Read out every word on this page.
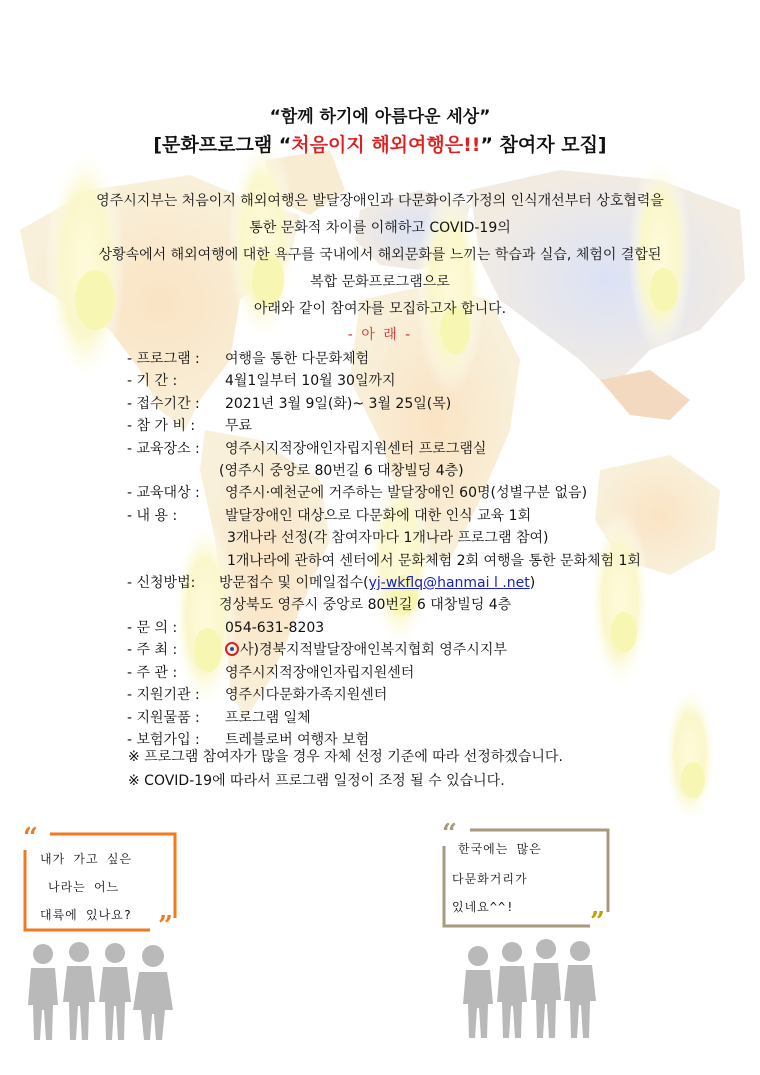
“함께 하기에 아름다운 세상”
[문화프로그램 “처음이지 해외여행은!!” 참여자 모집]
영주시지부는 처음이지 해외여행은 발달장애인과 다문화이주가정의 인식개선부터 상호협력을
통한 문화적 차이를 이해하고 COVID-19의
상황속에서 해외여행에 대한 욕구를 국내에서 해외문화를 느끼는 학습과 실습, 체험이 결합된
복합 문화프로그램으로
아래와 같이 참여자를 모집하고자 합니다.
- 아 래 -
- 프로그램 : 여행을 통한 다문화체험
- 기 간 :	4월1일부터 10월 30일까지
- 접수기간 : 2021년 3월 9일(화)~ 3월 25일(목)
- 참 가 비 : 무료
- 교육장소 : 영주시지적장애인자립지원센터 프로그램실
(영주시 중앙로 80번길 6 대창빌딩 4층)
- 교육대상 : 영주시·예천군에 거주하는 발달장애인 60명(성별구분 없음)
- 내 용 :	발달장애인 대상으로 다문화에 대한 인식 교육 1회
3개나라 선정(각 참여자마다 1개나라 프로그램 참여)
1개나라에 관하여 센터에서 문화체험 2회 여행을 통한 문화체험 1회
- 신청방법: 방문접수 및 이메일접수(yj-wkflq@hanmai l .net)
경상북도 영주시 중앙로 80번길 6 대창빌딩 4층
- 문 의 :	054-631-8203
- 주 최 :	사)경북지적발달장애인복지협회 영주시지부
- 주 관 :	영주시지적장애인자립지원센터
- 지원기관 : 영주시다문화가족지원센터
- 지원물품 : 프로그램 일체
- 보험가입 : 트레블로버 여행자 보험
※ 프로그램 참여자가 많을 경우 자체 선정 기준에 따라 선정하겠습니다.
※ COVID-19에 따라서 프로그램 일정이 조정 될 수 있습니다.
“
”
내가 가고 싶은
나라는 어느
대륙에 있나요?
“
”
한국에는 많은
다문화거리가
있네요^^!
